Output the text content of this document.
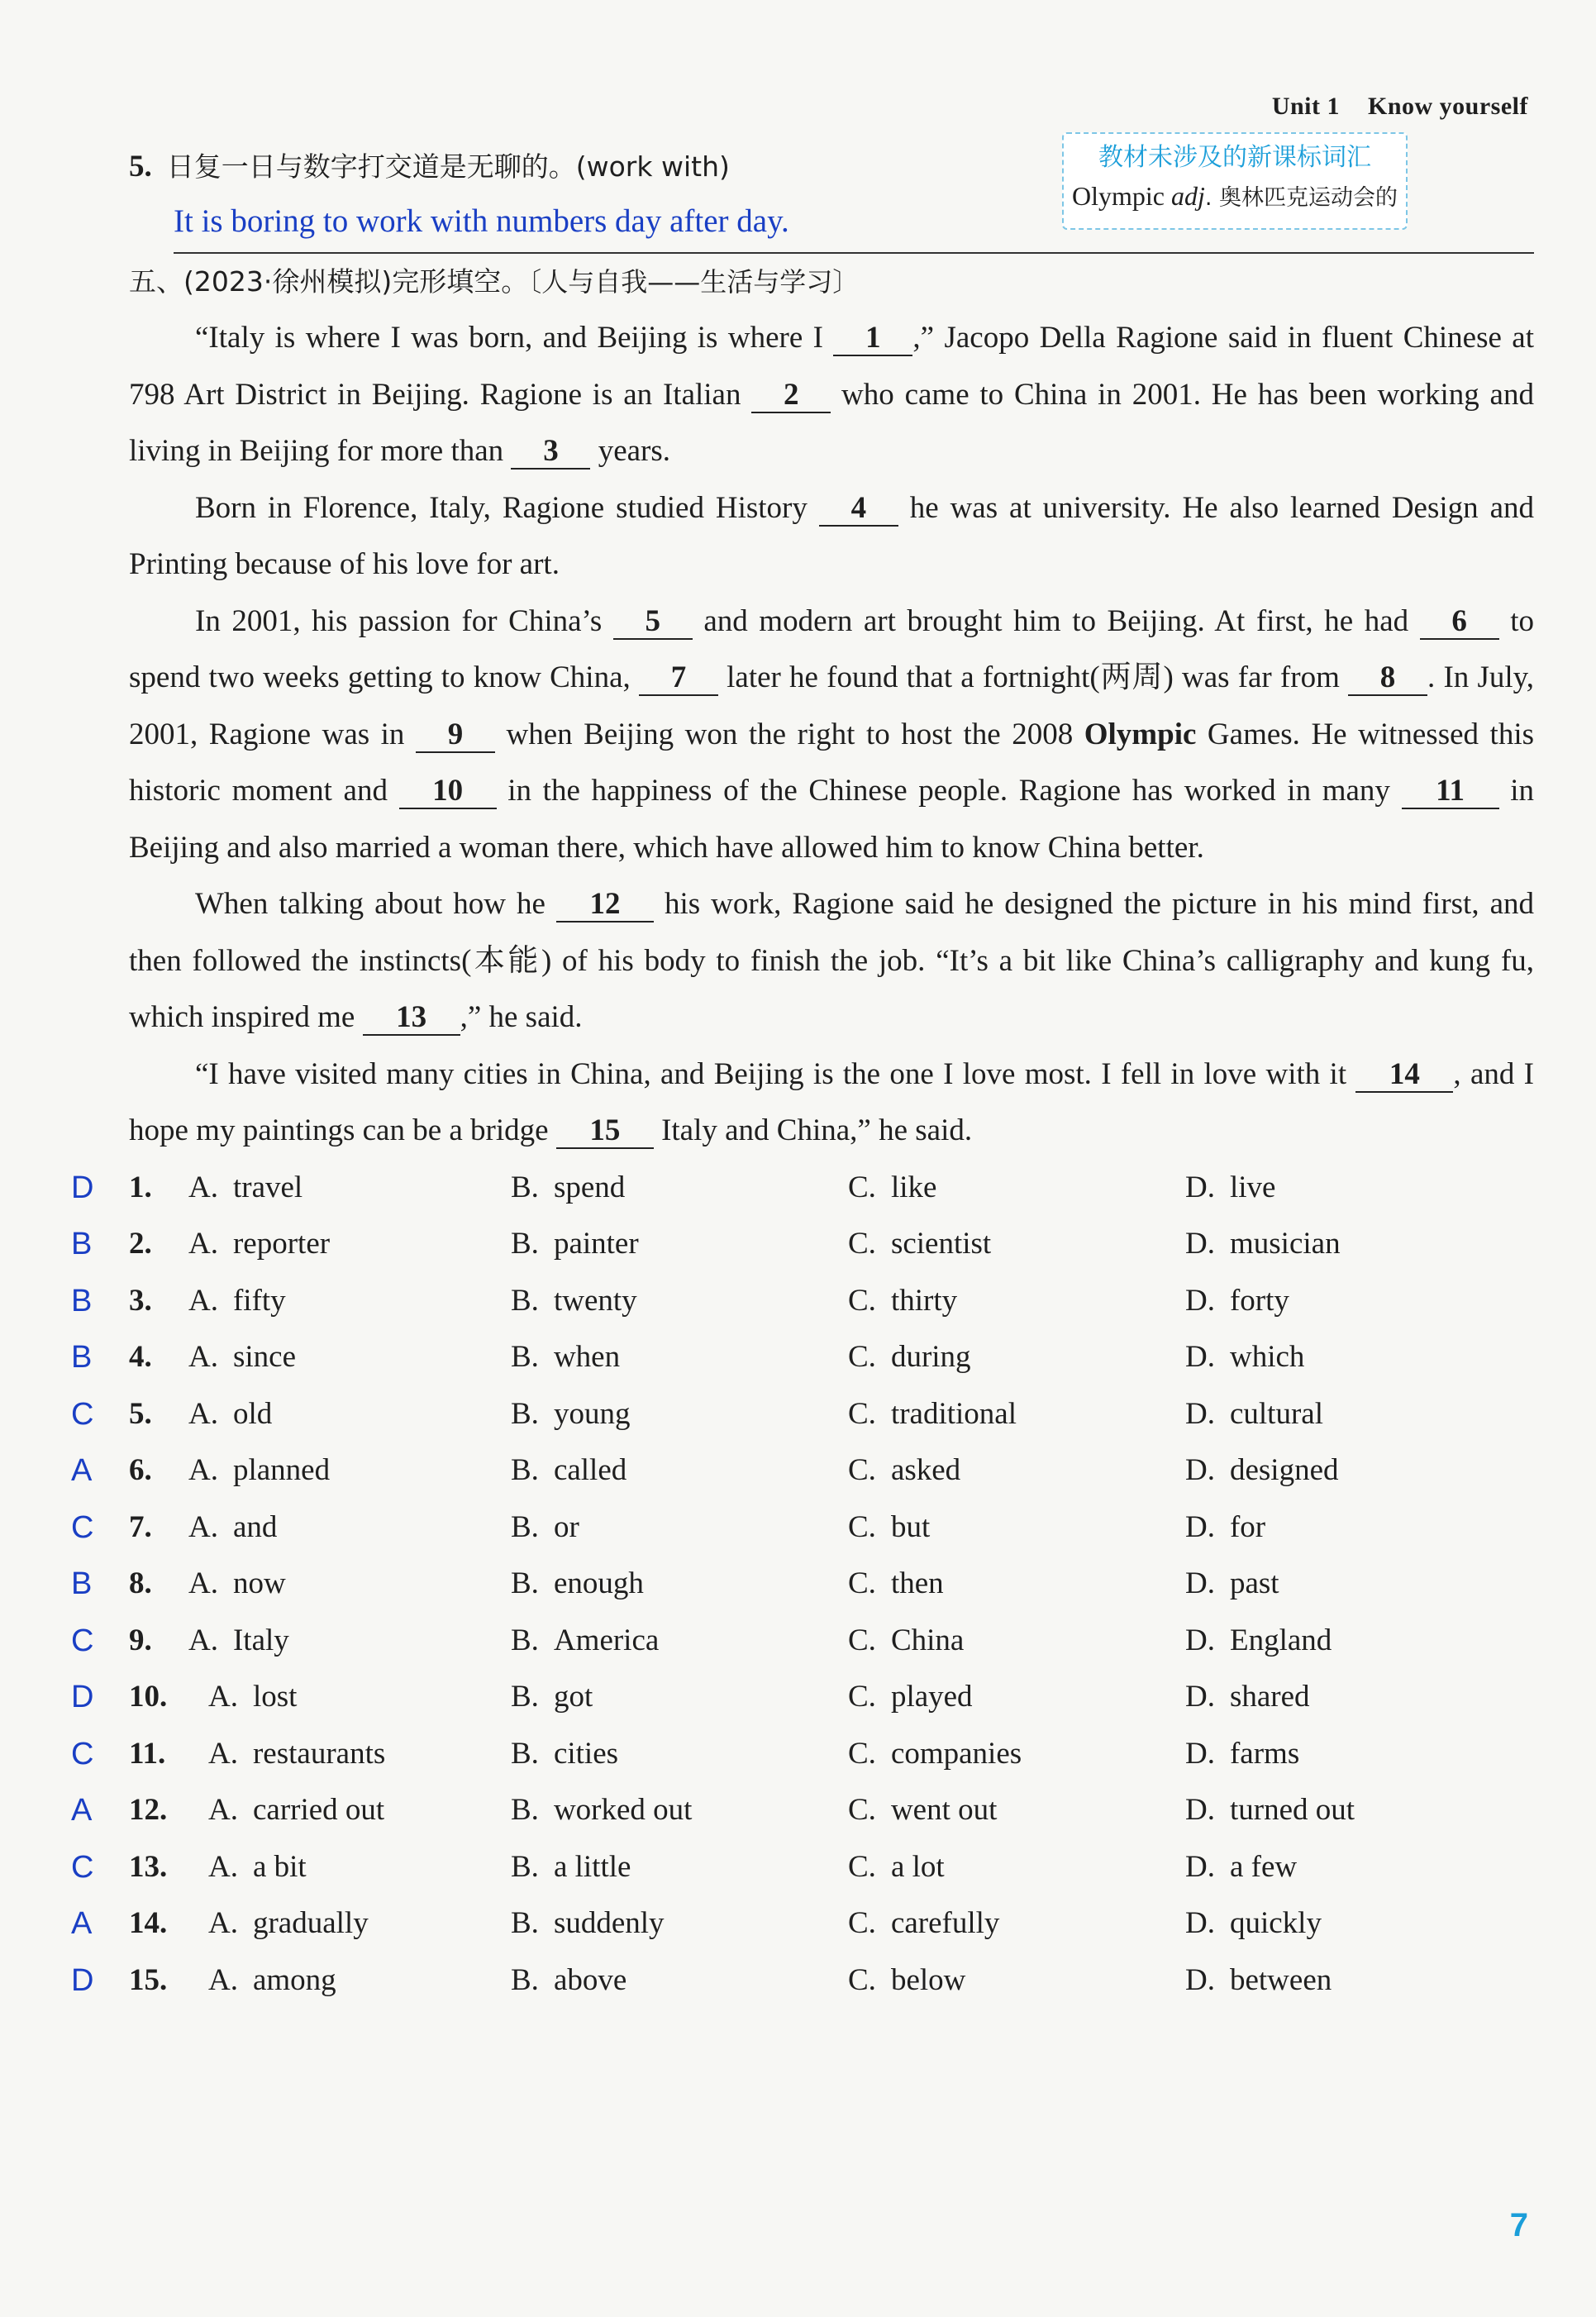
Unit 1 Know yourself
教材未涉及的新课标词汇
Olympic adj. 奥林匹克运动会的

5. 日复一日与数字打交道是无聊的。(work with)

It is boring to work with numbers day after day.

五、(2023·徐州模拟)完形填空。〔人与自我——生活与学习〕

“Italy is where I was born, and Beijing is where I 1 ,” Jacopo Della Ragione said in fluent Chinese at 798 Art District in Beijing. Ragione is an Italian 2 who came to China in 2001. He has been working and living in Beijing for more than 3 years.

Born in Florence, Italy, Ragione studied History 4 he was at university. He also learned Design and Printing because of his love for art.

In 2001, his passion for China’s 5 and modern art brought him to Beijing. At first, he had 6 to spend two weeks getting to know China, 7 later he found that a fortnight(两周) was far from 8 . In July, 2001, Ragione was in 9 when Beijing won the right to host the 2008 Olympic Games. He witnessed this historic moment and 10 in the happiness of the Chinese people. Ragione has worked in many 11 in Beijing and also married a woman there, which have allowed him to know China better.

When talking about how he 12 his work, Ragione said he designed the picture in his mind first, and then followed the instincts(本能) of his body to finish the job. “It’s a bit like China’s calligraphy and kung fu, which inspired me 13 ,” he said.

“I have visited many cities in China, and Beijing is the one I love most. I fell in love with it 14 , and I hope my paintings can be a bridge 15 Italy and China,” he said.

D 1. A. travel	B. spend	C. like	D. live
B 2. A. reporter	B. painter	C. scientist	D. musician
B 3. A. fifty	B. twenty	C. thirty	D. forty
B 4. A. since	B. when	C. during	D. which
C 5. A. old	B. young	C. traditional	D. cultural
A 6. A. planned	B. called	C. asked	D. designed
C 7. A. and	B. or	C. but	D. for
B 8. A. now	B. enough	C. then	D. past
C 9. A. Italy	B. America	C. China	D. England
D 10. A. lost	B. got	C. played	D. shared
C 11. A. restaurants	B. cities	C. companies	D. farms
A 12. A. carried out	B. worked out	C. went out	D. turned out
C 13. A. a bit	B. a little	C. a lot	D. a few
A 14. A. gradually	B. suddenly	C. carefully	D. quickly
D 15. A. among	B. above	C. below	D. between
7
